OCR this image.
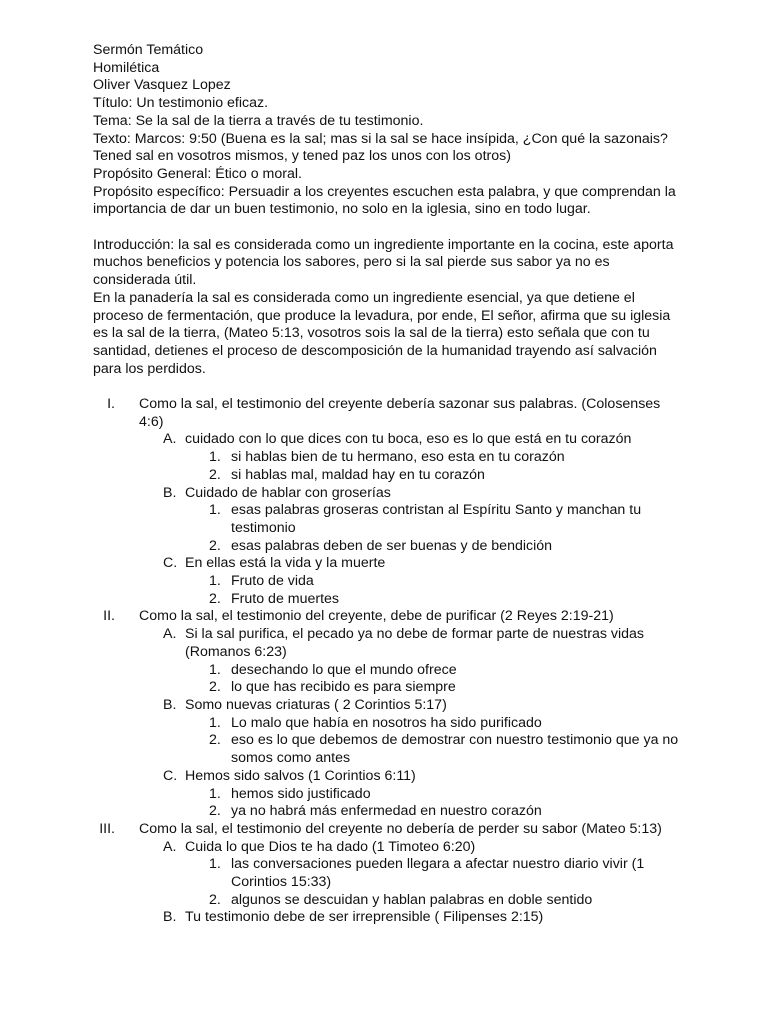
Sermón Temático

Homilética

Oliver Vasquez Lopez

Título: Un testimonio eficaz.

Tema: Se la sal de la tierra a través de tu testimonio.

Texto: Marcos: 9:50 (Buena es la sal; mas si la sal se hace insípida, ¿Con qué la sazonais? Tened sal en vosotros mismos, y tened paz los unos con los otros)

Propósito General: Ético o moral.

Propósito específico: Persuadir a los creyentes escuchen esta palabra, y que comprendan la importancia de dar un buen testimonio, no solo en la iglesia, sino en todo lugar.

Introducción: la sal es considerada como un ingrediente importante en la cocina, este aporta muchos beneficios y potencia los sabores, pero si la sal pierde sus sabor ya no es considerada útil.

En la panadería la sal es considerada como un ingrediente esencial, ya que detiene el proceso de fermentación, que produce la levadura, por ende, El señor, afirma que su iglesia es la sal de la tierra, (Mateo 5:13, vosotros sois la sal de la tierra) esto señala que con tu santidad, detienes el proceso de descomposición de la humanidad trayendo así salvación para los perdidos.

I.	Como la sal, el testimonio del creyente debería sazonar sus palabras. (Colosenses 4:6)
A. cuidado con lo que dices con tu boca, eso es lo que está en tu corazón
1. si hablas bien de tu hermano, eso esta en tu corazón
2. si hablas mal, maldad hay en tu corazón
B. Cuidado de hablar con groserías
1. esas palabras groseras contristan al Espíritu Santo y manchan tu testimonio
2. esas palabras deben de ser buenas y de bendición
C. En ellas está la vida y la muerte
1. Fruto de vida
2. Fruto de muertes
II.	Como la sal, el testimonio del creyente, debe de purificar (2 Reyes 2:19-21)
A. Si la sal purifica, el pecado ya no debe de formar parte de nuestras vidas (Romanos 6:23)
1. desechando lo que el mundo ofrece
2. lo que has recibido es para siempre
B. Somo nuevas criaturas ( 2 Corintios 5:17)
1. Lo malo que había en nosotros ha sido purificado
2. eso es lo que debemos de demostrar con nuestro testimonio que ya no somos como antes
C. Hemos sido salvos (1 Corintios 6:11)
1. hemos sido justificado
2. ya no habrá más enfermedad en nuestro corazón
III.	Como la sal, el testimonio del creyente no debería de perder su sabor (Mateo 5:13)
A. Cuida lo que Dios te ha dado (1 Timoteo 6:20)
1. las conversaciones pueden llegara a afectar nuestro diario vivir (1 Corintios 15:33)
2. algunos se descuidan y hablan palabras en doble sentido
B. Tu testimonio debe de ser irreprensible ( Filipenses 2:15)
